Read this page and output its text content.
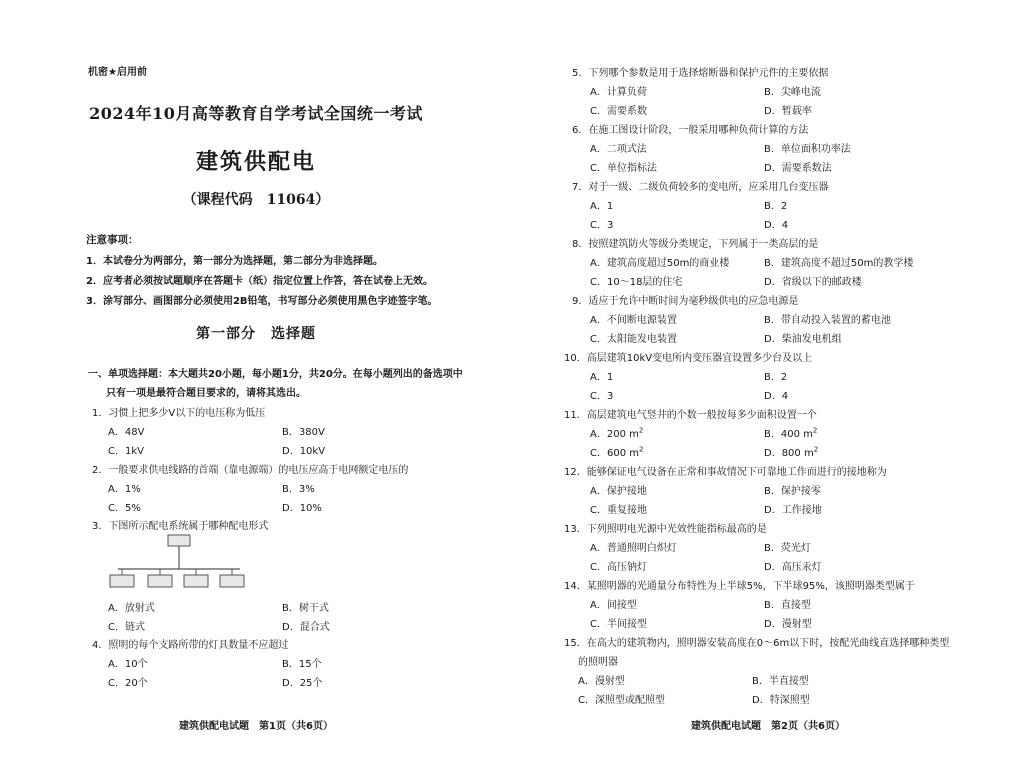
机密★启用前
2024年10月高等教育自学考试全国统一考试
建筑供配电
（课程代码　11064）
注意事项：
1．本试卷分为两部分，第一部分为选择题，第二部分为非选择题。
2．应考者必须按试题顺序在答题卡（纸）指定位置上作答，答在试卷上无效。
3．涂写部分、画图部分必须使用2B铅笔，书写部分必须使用黑色字迹签字笔。
第一部分　选择题
一、单项选择题：本大题共20小题，每小题1分，共20分。在每小题列出的备选项中
只有一项是最符合题目要求的，请将其选出。
1．习惯上把多少V以下的电压称为低压
A．48V	B．380V
C．1kV	D．10kV
2．一般要求供电线路的首端（靠电源端）的电压应高于电网额定电压的
A．1%	B．3%
C．5%	D．10%
3．下图所示配电系统属于哪种配电形式
A．放射式	B．树干式
C．链式	D．混合式
4．照明的每个支路所带的灯具数量不应超过
A．10个	B．15个
C．20个	D．25个
建筑供配电试题　第1页（共6页）
5．下列哪个参数是用于选择熔断器和保护元件的主要依据
A．计算负荷	B．尖峰电流
C．需要系数	D．暂载率
6．在施工图设计阶段，一般采用哪种负荷计算的方法
A．二项式法	B．单位面积功率法
C．单位指标法	D．需要系数法
7．对于一级、二级负荷较多的变电所，应采用几台变压器
A．1	B．2
C．3	D．4
8．按照建筑防火等级分类规定，下列属于一类高层的是
A．建筑高度超过50m的商业楼	B．建筑高度不超过50m的教学楼
C．10～18层的住宅	D．省级以下的邮政楼
9．适应于允许中断时间为毫秒级供电的应急电源是
A．不间断电源装置	B．带自动投入装置的蓄电池
C．太阳能发电装置	D．柴油发电机组
10．高层建筑10kV变电所内变压器宜设置多少台及以上
A．1	B．2
C．3	D．4
11．高层建筑电气竖井的个数一般按每多少面积设置一个
A．200 $m^2$	B．400 $m^2$
C．600 $m^2$	D．800 $m^2$
12．能够保证电气设备在正常和事故情况下可靠地工作而进行的接地称为
A．保护接地	B．保护接零
C．重复接地	D．工作接地
13．下列照明电光源中光效性能指标最高的是
A．普通照明白炽灯	B．荧光灯
C．高压钠灯	D．高压汞灯
14．某照明器的光通量分布特性为上半球5%，下半球95%，该照明器类型属于
A．间接型	B．直接型
C．半间接型	D．漫射型
15．在高大的建筑物内，照明器安装高度在0～6m以下时，按配光曲线直选择哪种类型
的照明器
A．漫射型	B．半直接型
C．深照型或配照型	D．特深照型
建筑供配电试题　第2页（共6页）
